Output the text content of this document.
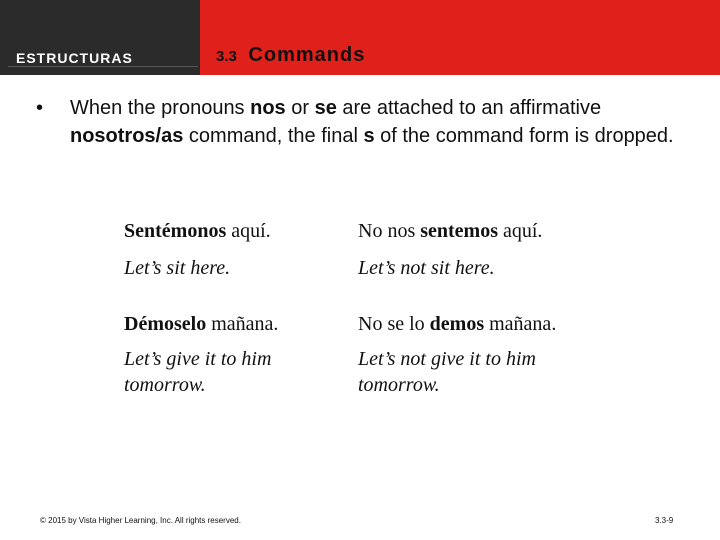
ESTRUCTURAS	3.3 Commands
• When the pronouns nos or se are attached to an affirmative nosotros/as command, the final s of the command form is dropped.
Sentémonos aquí.
Let’s sit here.
No nos sentemos aquí.
Let’s not sit here.
Démoselo mañana.
Let’s give it to him tomorrow.
No se lo demos mañana.
Let’s not give it to him tomorrow.
© 2015 by Vista Higher Learning, Inc. All rights reserved.	3.3-9
